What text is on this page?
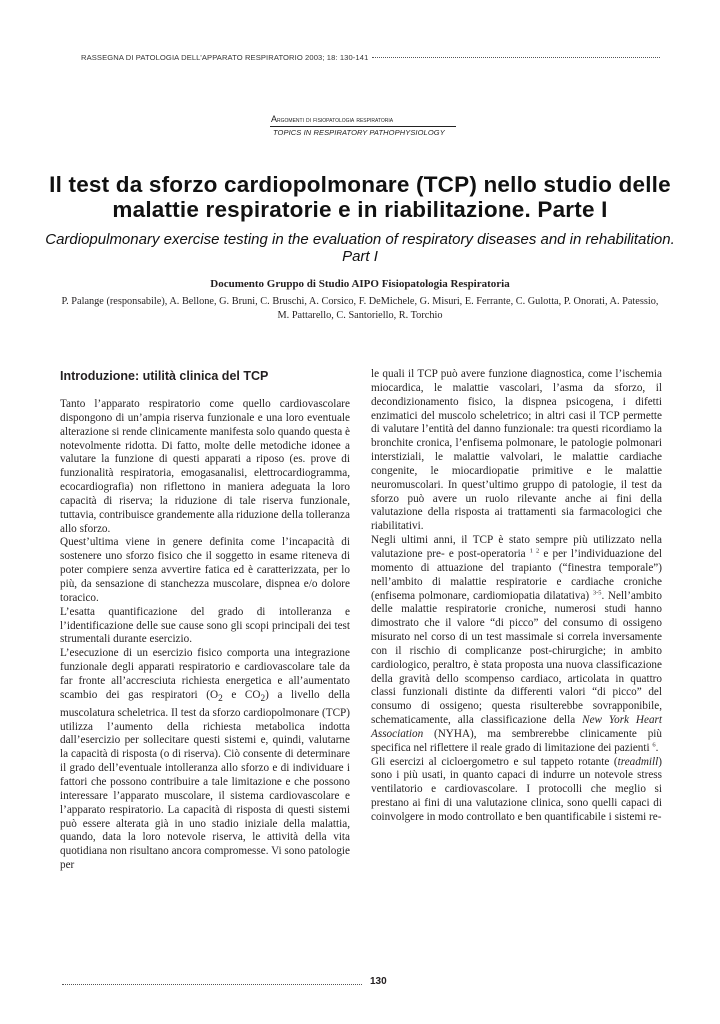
RASSEGNA DI PATOLOGIA DELL’APPARATO RESPIRATORIO 2003; 18: 130-141
Argomenti di fisiopatologia respiratoria
TOPICS IN RESPIRATORY PATHOPHYSIOLOGY
Il test da sforzo cardiopolmonare (TCP) nello studio delle malattie respiratorie e in riabilitazione. Parte I
Cardiopulmonary exercise testing in the evaluation of respiratory diseases and in rehabilitation. Part I
Documento Gruppo di Studio AIPO Fisiopatologia Respiratoria
P. Palange (responsabile), A. Bellone, G. Bruni, C. Bruschi, A. Corsico, F. DeMichele, G. Misuri, E. Ferrante, C. Gulotta, P. Onorati, A. Patessio, M. Pattarello, C. Santoriello, R. Torchio
Introduzione: utilità clinica del TCP

Tanto l’apparato respiratorio come quello cardiovascolare dispongono di un’ampia riserva funzionale e una loro eventuale alterazione si rende clinicamente manifesta solo quando questa è notevolmente ridotta. Di fatto, molte delle metodiche idonee a valutare la funzione di questi apparati a riposo (es. prove di funzionalità respiratoria, emogasanalisi, elettrocardiogramma, ecocardiografia) non riflettono in maniera adeguata la loro capacità di riserva; la riduzione di tale riserva funzionale, tuttavia, contribuisce grandemente alla riduzione della tolleranza allo sforzo.

Quest’ultima viene in genere definita come l’incapacità di sostenere uno sforzo fisico che il soggetto in esame riteneva di poter compiere senza avvertire fatica ed è caratterizzata, per lo più, da sensazione di stanchezza muscolare, dispnea e/o dolore toracico.

L’esatta quantificazione del grado di intolleranza e l’identificazione delle sue cause sono gli scopi principali dei test strumentali durante esercizio.

L’esecuzione di un esercizio fisico comporta una integrazione funzionale degli apparati respiratorio e cardiovascolare tale da far fronte all’accresciuta richiesta energetica e all’aumentato scambio dei gas respiratori ($O_2$ e $CO_2$) a livello della muscolatura scheletrica. Il test da sforzo cardiopolmonare (TCP) utilizza l’aumento della richiesta metabolica indotta dall’esercizio per sollecitare questi sistemi e, quindi, valutarne la capacità di risposta (o di riserva). Ciò consente di determinare il grado dell’eventuale intolleranza allo sforzo e di individuare i fattori che possono contribuire a tale limitazione e che possono interessare l’apparato muscolare, il sistema cardiovascolare e l’apparato respiratorio. La capacità di risposta di questi sistemi può essere alterata già in uno stadio iniziale della malattia, quando, data la loro notevole riserva, le attività della vita quotidiana non risultano ancora compromesse. Vi sono patologie per

le quali il TCP può avere funzione diagnostica, come l’ischemia miocardica, le malattie vascolari, l’asma da sforzo, il decondizionamento fisico, la dispnea psicogena, i difetti enzimatici del muscolo scheletrico; in altri casi il TCP permette di valutare l’entità del danno funzionale: tra questi ricordiamo la bronchite cronica, l’enfisema polmonare, le patologie polmonari interstiziali, le malattie valvolari, le malattie cardiache congenite, le miocardiopatie primitive e le malattie neuromuscolari. In quest’ultimo gruppo di patologie, il test da sforzo può avere un ruolo rilevante anche ai fini della valutazione della risposta ai trattamenti sia farmacologici che riabilitativi.

Negli ultimi anni, il TCP è stato sempre più utilizzato nella valutazione pre- e post-operatoria $^{1 2}$ e per l’individuazione del momento di attuazione del trapianto (“finestra temporale”) nell’ambito di malattie respiratorie e cardiache croniche (enfisema polmonare, cardiomiopatia dilatativa) $^{3-5}$. Nell’ambito delle malattie respiratorie croniche, numerosi studi hanno dimostrato che il valore “di picco” del consumo di ossigeno misurato nel corso di un test massimale si correla inversamente con il rischio di complicanze post-chirurgiche; in ambito cardiologico, peraltro, è stata proposta una nuova classificazione della gravità dello scompenso cardiaco, articolata in quattro classi funzionali distinte da differenti valori “di picco” del consumo di ossigeno; questa risulterebbe sovrapponibile, schematicamente, alla classificazione della New York Heart Association (NYHA), ma sembrerebbe clinicamente più specifica nel riflettere il reale grado di limitazione dei pazienti $^6$.

Gli esercizi al cicloergometro e sul tappeto rotante (treadmill) sono i più usati, in quanto capaci di indurre un notevole stress ventilatorio e cardiovascolare. I protocolli che meglio si prestano ai fini di una valutazione clinica, sono quelli capaci di coinvolgere in modo controllato e ben quantificabile i sistemi re-

130
